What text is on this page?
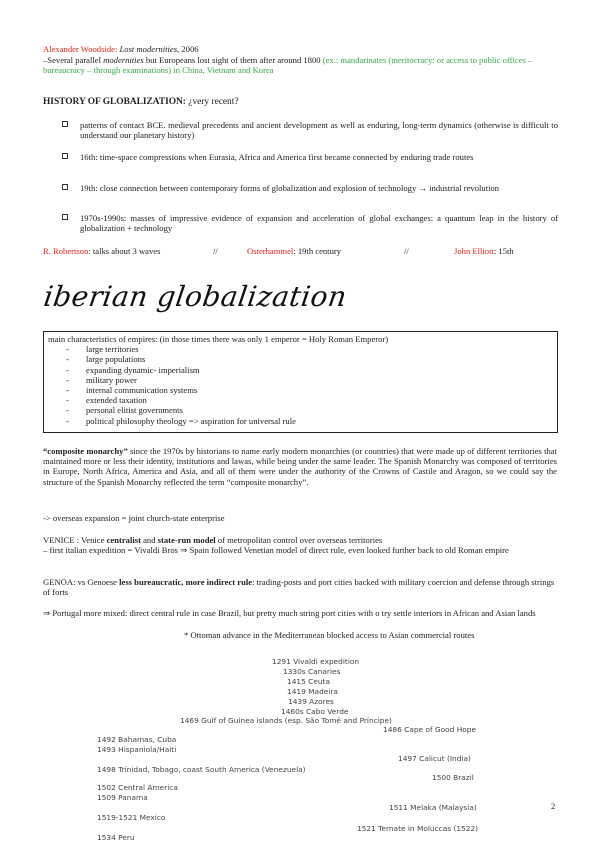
Alexander Woodside: Lost modernities, 2006
–Several parallel modernities but Europeans lost sight of them after around 1800 (ex.: mandarinates (meritocracy: or access to public offices – bureaucracy – through examinations) in China, Vietnam and Korea
HISTORY OF GLOBALIZATION: ¿very recent?
patterns of contact BCE. medieval precedents and ancient development as well as enduring, long-term dynamics (otherwise is difficult to understand our planetary history)
16th: time-space compressions when Eurasia, Africa and America first became connected by enduring trade routes
19th: close connection between contemporary forms of globalization and explosion of technology → industrial revolution
1970s-1990s: masses of impressive evidence of expansion and acceleration of global exchanges: a quantum leap in the history of globalization + technology
R. Robertson: talks about 3 waves	//	Osterhammel: 19th century	//	John Elliott: 15th
iberian globalization
main characteristics of empires: (in those times there was only 1 emperor = Holy Roman Emperor)
- large territories
- large populations
- expanding dynamic- imperialism
- military power
- internal communication systems
- extended taxation
- personal elitist governments
- political philosophy theology => aspiration for universal rule
“composite monarchy” since the 1970s by historians to name early modern monarchies (or countries) that were made up of different territories that maintained more or less their identity, institutions and lawas, while being under the same leader. The Spanish Monarchy was composed of territories in Europe, North Africa, America and Asia, and all of them were under the authority of the Crowns of Castile and Aragon, so we could say the structure of the Spanish Monarchy reflected the term “composite monarchy”.
-> overseas expansion = joint church-state enterprise
VENICE : Venice centralist and state-run model of metropolitan control over overseas territories
– first italian expedition = Vivaldi Bros ⇒ Spain followed Venetian model of direct rule, even looked further back to old Roman empire
GENOA: vs Genoese less bureaucratic, more indirect rule: trading-posts and port cities backed with military coercion and defense through strings of forts
⇒ Portugal more mixed: direct central rule in case Brazil, but pretty much string port cities with o try settle interiors in African and Asian lands
* Ottoman advance in the Mediterranean blocked access to Asian commercial routes
1291 Vivaldi expedition
1330s Canaries
1415 Ceuta
1419 Madeira
1439 Azores
1460s Cabo Verde
1469 Gulf of Guinea islands (esp. São Tomé and Príncipe)
1486 Cape of Good Hope
1497 Calicut (India)
1500 Brazil
1511 Melaka (Malaysia)
1521 Ternate in Moluccas (1522)
1492 Bahamas, Cuba
1493 Hispaniola/Haiti
1498 Trinidad, Tobago, coast South America (Venezuela)
1502 Central America
1509 Panama
1519-1521 Mexico
1534 Peru
2
